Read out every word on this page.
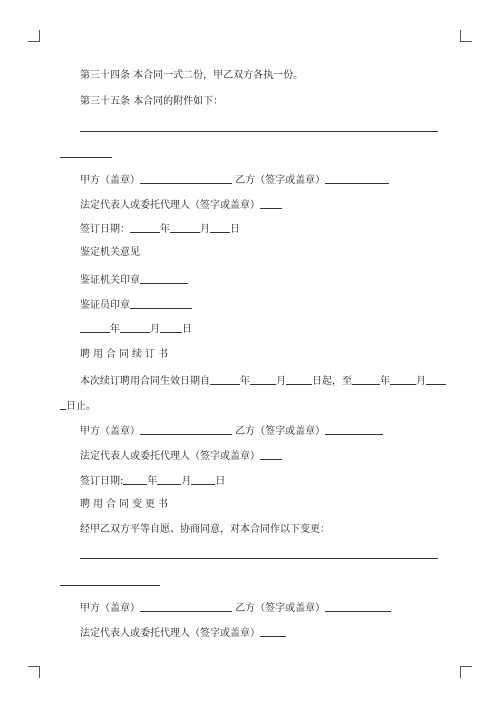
第三十四条 本合同一式二份，甲乙双方各执一份。
第三十五条 本合同的附件如下：
甲方（盖章）	乙方（签字或盖章）
法定代表人或委托代理人（签字或盖章）
签订日期：	年	月 日
鉴定机关意见
鉴证机关印章
鉴证员印章
年	月 日
聘用合同续订书
本次续订聘用合同生效日期自	年	月	日起，至	年	月
日止。
甲方（盖章）	乙方（签字或盖章）
法定代表人或委托代理人（签字或盖章）
签订日期: 年 月 日
聘用合同变更书
经甲乙双方平等自愿、协商同意，对本合同作以下变更：
甲方（盖章）	乙方（签字或盖章）
法定代表人或委托代理人（签字或盖章）
